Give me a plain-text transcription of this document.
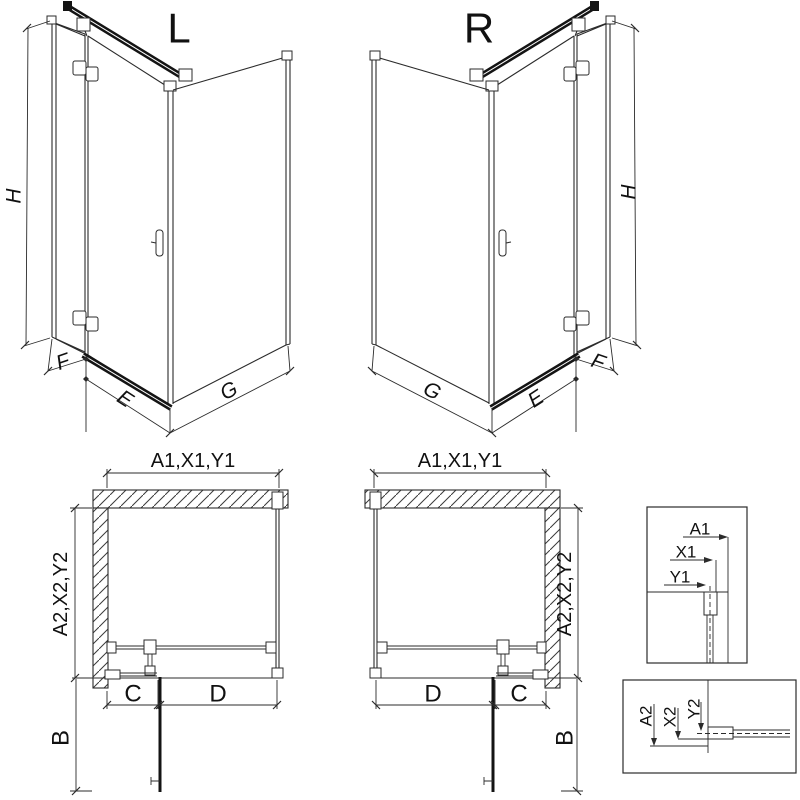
L
H
F
E	G
R
H
F
E
G
A1,X1,Y1
A2,X2,Y2
C	D
B
A1,X1,Y1
A2,X2,Y2
D	C
B
A1
X1
Y1
A2 X2 Y2
